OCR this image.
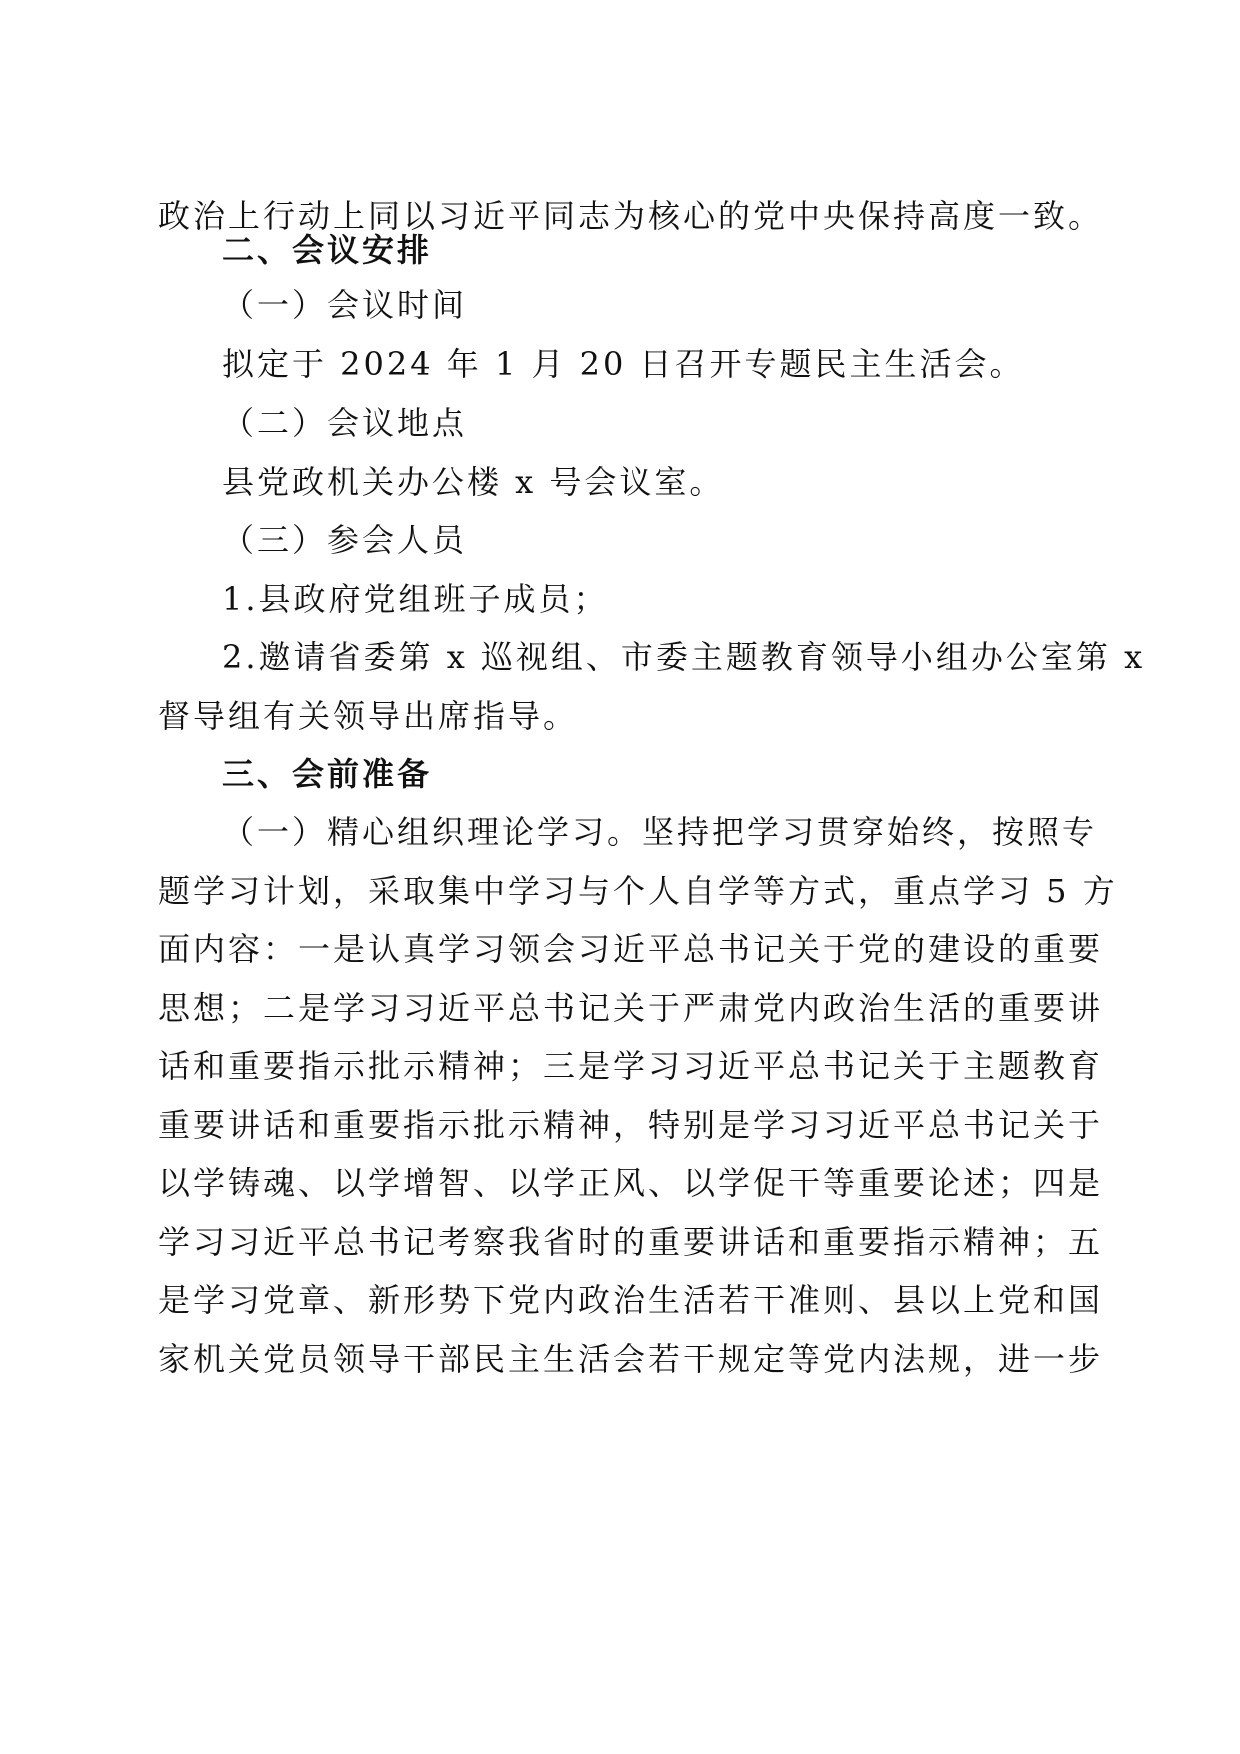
政治上行动上同以习近平同志为核心的党中央保持高度一致。
二、会议安排
（一）会议时间
拟定于 2024 年 1 月 20 日召开专题民主生活会。
（二）会议地点
县党政机关办公楼 x 号会议室。
（三）参会人员
1.县政府党组班子成员；
2.邀请省委第 x 巡视组、市委主题教育领导小组办公室第 x
督导组有关领导出席指导。
三、会前准备
（一）精心组织理论学习。坚持把学习贯穿始终，按照专
题学习计划，采取集中学习与个人自学等方式，重点学习 5 方
面内容：一是认真学习领会习近平总书记关于党的建设的重要
思想；二是学习习近平总书记关于严肃党内政治生活的重要讲
话和重要指示批示精神；三是学习习近平总书记关于主题教育
重要讲话和重要指示批示精神，特别是学习习近平总书记关于
以学铸魂、以学增智、以学正风、以学促干等重要论述；四是
学习习近平总书记考察我省时的重要讲话和重要指示精神；五
是学习党章、新形势下党内政治生活若干准则、县以上党和国
家机关党员领导干部民主生活会若干规定等党内法规，进一步
